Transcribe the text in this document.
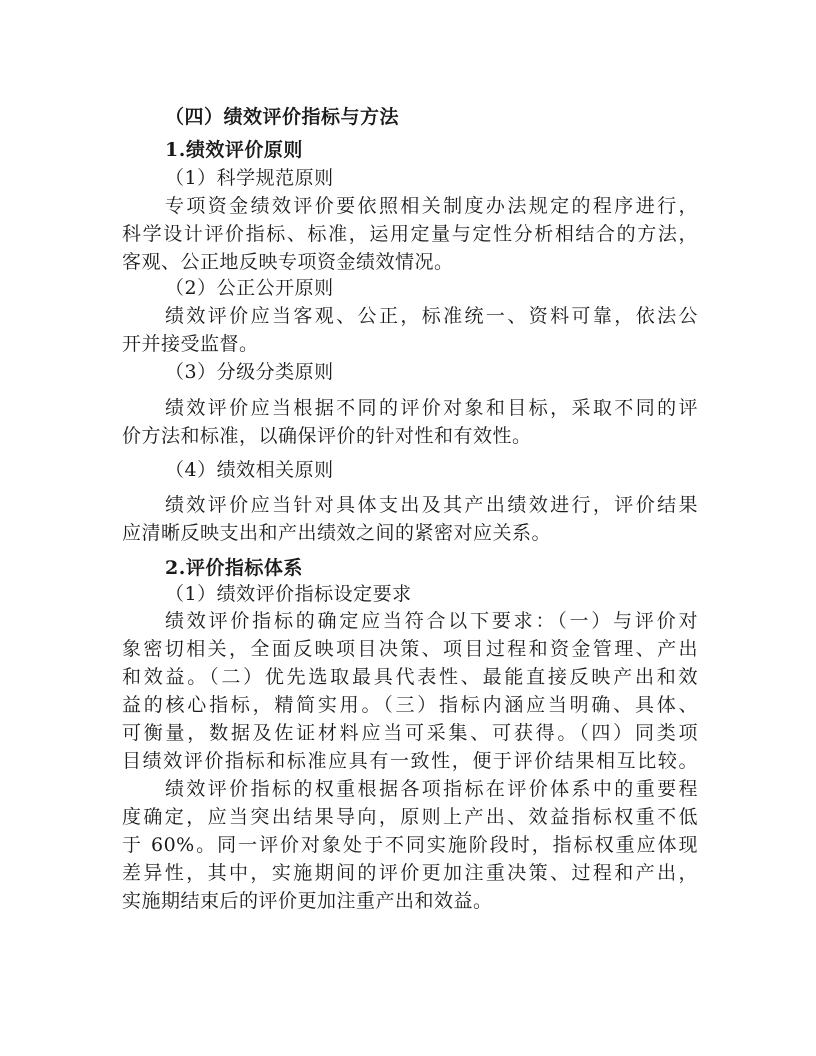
（四）绩效评价指标与方法

1.绩效评价原则

（1）科学规范原则

专项资金绩效评价要依照相关制度办法规定的程序进行，

科学设计评价指标、标准，运用定量与定性分析相结合的方法，

客观、公正地反映专项资金绩效情况。

（2）公正公开原则

绩效评价应当客观、公正，标准统一、资料可靠，依法公

开并接受监督。

（3）分级分类原则

绩效评价应当根据不同的评价对象和目标，采取不同的评

价方法和标准，以确保评价的针对性和有效性。

（4）绩效相关原则

绩效评价应当针对具体支出及其产出绩效进行，评价结果

应清晰反映支出和产出绩效之间的紧密对应关系。

2.评价指标体系

（1）绩效评价指标设定要求

绩效评价指标的确定应当符合以下要求：（一）与评价对

象密切相关，全面反映项目决策、项目过程和资金管理、产出

和效益。（二）优先选取最具代表性、最能直接反映产出和效

益的核心指标，精简实用。（三）指标内涵应当明确、具体、

可衡量，数据及佐证材料应当可采集、可获得。（四）同类项

目绩效评价指标和标准应具有一致性，便于评价结果相互比较。

绩效评价指标的权重根据各项指标在评价体系中的重要程

度确定，应当突出结果导向，原则上产出、效益指标权重不低

于 60%。同一评价对象处于不同实施阶段时，指标权重应体现

差异性，其中，实施期间的评价更加注重决策、过程和产出，

实施期结束后的评价更加注重产出和效益。
